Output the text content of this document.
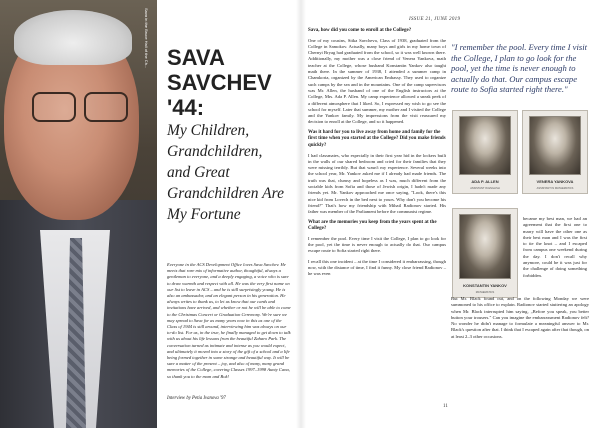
Sava in the Bruce Hall of the Ch... SAVA SAVCHEV '44:

My Children, Grandchildren, and Great Grandchildren Are My Fortune

Everyone in the ACS Development Office loves Sava Savchev. He meets that rare mix of informative author, thoughtful, always a gentleman to everyone, and a deeply engaging, a voice who is sure to draw warmth and respect with all. He was the very first name on our list to leave in ACS – and he is still surprisingly young. He is also an ambassador, and an elegant person in his generation. He always writes to thank us, to let us know that our cards and invitations have arrived, and whether or not he will be able to come to the Christmas Concert or Graduation Ceremony. We're sure we may spread to Sava for as many years now in this as one of the Class of 1944 is still around, interviewing him was always on our to-do list. For us, in the true, he finally managed to get down to talk with us about his life lessons from the beautiful Zaharo Park. The conversation turned as intimate and intense as you would expect, and ultimately it moved into a story of the gift of a school and a life being formed together in some strange and beautiful way. It will be sure a matter of the present – joy, and also of many, many grand memories of the College, covering Classes 1997–1998 Aunty Cana, so thank you to the mom and Bok!

Interview by Petia Ivanova '97
ISSUE 21, JUNE 2019

Sava, how did you come to enroll at the College?

One of my cousins, Sitka Savcheva, Class of 1938, graduated from the College in Samokov. Actually, many boys and girls in my home town of Chernyi Bryag had graduated from the school, so it was well known there. Additionally, my mother was a close friend of Venera Yankova, math teacher at the College, whose husband Konstantin Yankov also taught math there. In the summer of 1938, I attended a summer camp in Chamkoria, organized by the American Embassy. They used to organize such camps by the sea and in the mountains. One of the camp supervisors was Mr. Allen, the husband of one of the English instructors at the College, Mrs. Ada P. Allen. My camp experience allowed a sneak peek of a different atmosphere that I liked. So, I expressed my wish to go see the school for myself. Later that summer, my mother and I visited the College and the Yankov family. My impressions from the visit reassured my decision to enroll at the College, and so it happened.

Was it hard for you to live away from home and family for the first time when you started at the College? Did you make friends quickly?

I had classmates, who especially in their first year hid in the lockers built in the walls of our shared bedroom and cried for their families that they were missing terribly. But that wasn't my experience. Several weeks into the school year, Mr. Yankov asked me if I already had made friends. The truth was that, clumsy and hopeless as I was, much different from the sociable kids from Sofia and those of Jewish origin, I hadn't made any friends yet. Mr. Yankov approached me once saying, "Look, there's this nice kid from Lovech in the bed next to yours. Why don't you become his friend?" That's how my friendship with Mihail Radionov started. His father was member of the Parliament before the communist regime.

What are the memories you keep from the years spent at the College?

I remember the pool. Every time I visit the College, I plan to go look for the pool, yet the time is never enough to actually do that. Our campus escape route to Sofia started right there.

I recall this one incident – at the time I considered it embarrassing, though now, with the distance of time, I find it funny. My close friend Radionov – he was even

"I remember the pool. Every time I visit the College, I plan to go look for the pool, yet the time is never enough to actually do that. Our campus escape route to Sofia started right there."

ADA P. ALLEN
ASSISTANT IN ENGLISH
VENERA YANKOVA
ASSISTANT IN MATHEMATICS
KONSTANTIN YANKOV
MATHEMATICS

became my best man, we had an agreement that the first one to marry will have the other one as their best man and I was the first to tie the knot – and I escaped from campus one weekend during the day. I don't recall why anymore, could be it was just for the challenge of doing something forbidden.

But Mr. Black found out, and on the following Monday we were summoned to his office to explain. Radionov started stuttering an apology when Mr. Black interrupted him saying, „Before you speak, you better button your trousers." Can you imagine the embarrassment Radionov felt? No wonder he didn't manage to formulate a meaningful answer to Mr. Black's question after that. I think that I escaped again after that though, on at least 2–3 other occasions.

11
